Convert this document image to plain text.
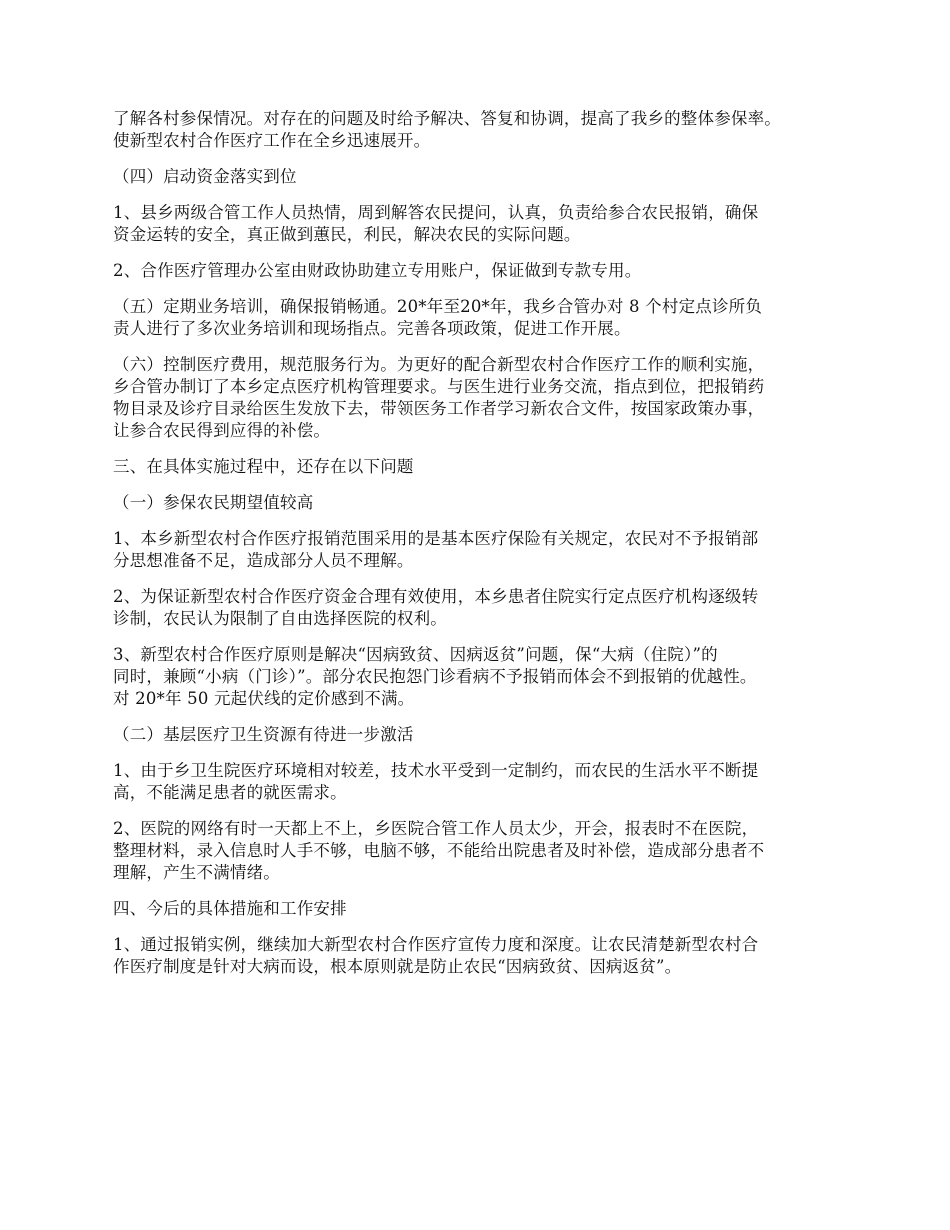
了解各村参保情况。对存在的问题及时给予解决、答复和协调，提高了我乡的整体参保率。
使新型农村合作医疗工作在全乡迅速展开。

（四）启动资金落实到位

1、县乡两级合管工作人员热情，周到解答农民提问，认真，负责给参合农民报销，确保
资金运转的安全，真正做到蕙民，利民，解决农民的实际问题。

2、合作医疗管理办公室由财政协助建立专用账户，保证做到专款专用。

（五）定期业务培训，确保报销畅通。20*年至20*年，我乡合管办对 8 个村定点诊所负
责人进行了多次业务培训和现场指点。完善各项政策，促进工作开展。

（六）控制医疗费用，规范服务行为。为更好的配合新型农村合作医疗工作的顺利实施，
乡合管办制订了本乡定点医疗机构管理要求。与医生进行业务交流，指点到位，把报销药
物目录及诊疗目录给医生发放下去，带领医务工作者学习新农合文件，按国家政策办事，
让参合农民得到应得的补偿。

三、在具体实施过程中，还存在以下问题

（一）参保农民期望值较高

1、本乡新型农村合作医疗报销范围采用的是基本医疗保险有关规定，农民对不予报销部
分思想准备不足，造成部分人员不理解。

2、为保证新型农村合作医疗资金合理有效使用，本乡患者住院实行定点医疗机构逐级转
诊制，农民认为限制了自由选择医院的权利。

3、新型农村合作医疗原则是解决“因病致贫、因病返贫”问题，保“大病（住院）”的
同时，兼顾“小病（门诊）”。部分农民抱怨门诊看病不予报销而体会不到报销的优越性。
对 20*年 50 元起伏线的定价感到不满。

（二）基层医疗卫生资源有待进一步激活

1、由于乡卫生院医疗环境相对较差，技术水平受到一定制约，而农民的生活水平不断提
高，不能满足患者的就医需求。

2、医院的网络有时一天都上不上，乡医院合管工作人员太少，开会，报表时不在医院，
整理材料，录入信息时人手不够，电脑不够，不能给出院患者及时补偿，造成部分患者不
理解，产生不满情绪。

四、今后的具体措施和工作安排

1、通过报销实例，继续加大新型农村合作医疗宣传力度和深度。让农民清楚新型农村合
作医疗制度是针对大病而设，根本原则就是防止农民“因病致贫、因病返贫”。
